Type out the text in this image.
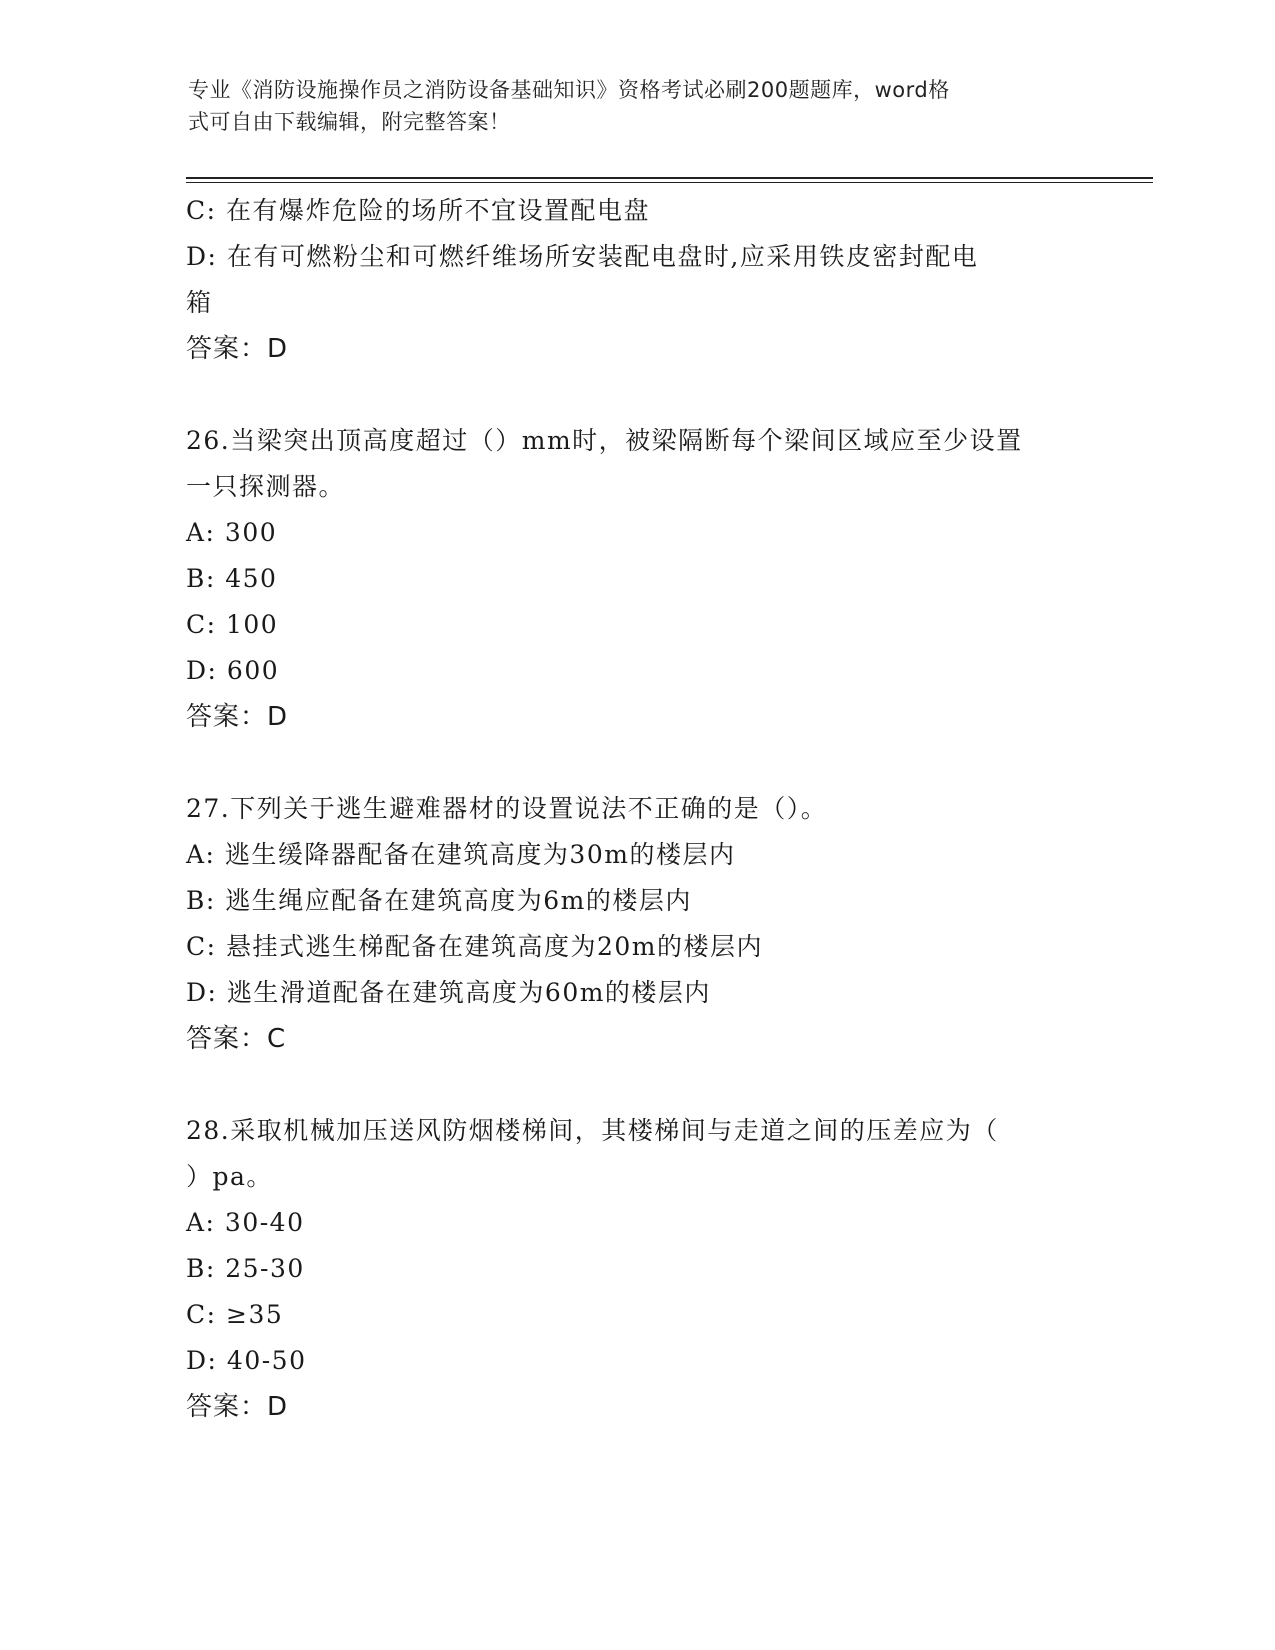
专业《消防设施操作员之消防设备基础知识》资格考试必刷200题题库，word格
式可自由下载编辑，附完整答案！
C: 在有爆炸危险的场所不宜设置配电盘
D: 在有可燃粉尘和可燃纤维场所安装配电盘时,应采用铁皮密封配电
箱
答案：D
26.当梁突出顶高度超过（）mm时，被梁隔断每个梁间区域应至少设置
一只探测器。
A: 300
B: 450
C: 100
D: 600
答案：D
27.下列关于逃生避难器材的设置说法不正确的是（）。
A: 逃生缓降器配备在建筑高度为30m的楼层内
B: 逃生绳应配备在建筑高度为6m的楼层内
C: 悬挂式逃生梯配备在建筑高度为20m的楼层内
D: 逃生滑道配备在建筑高度为60m的楼层内
答案：C
28.采取机械加压送风防烟楼梯间，其楼梯间与走道之间的压差应为（
）pa。
A: 30-40
B: 25-30
C: ≥35
D: 40-50
答案：D
